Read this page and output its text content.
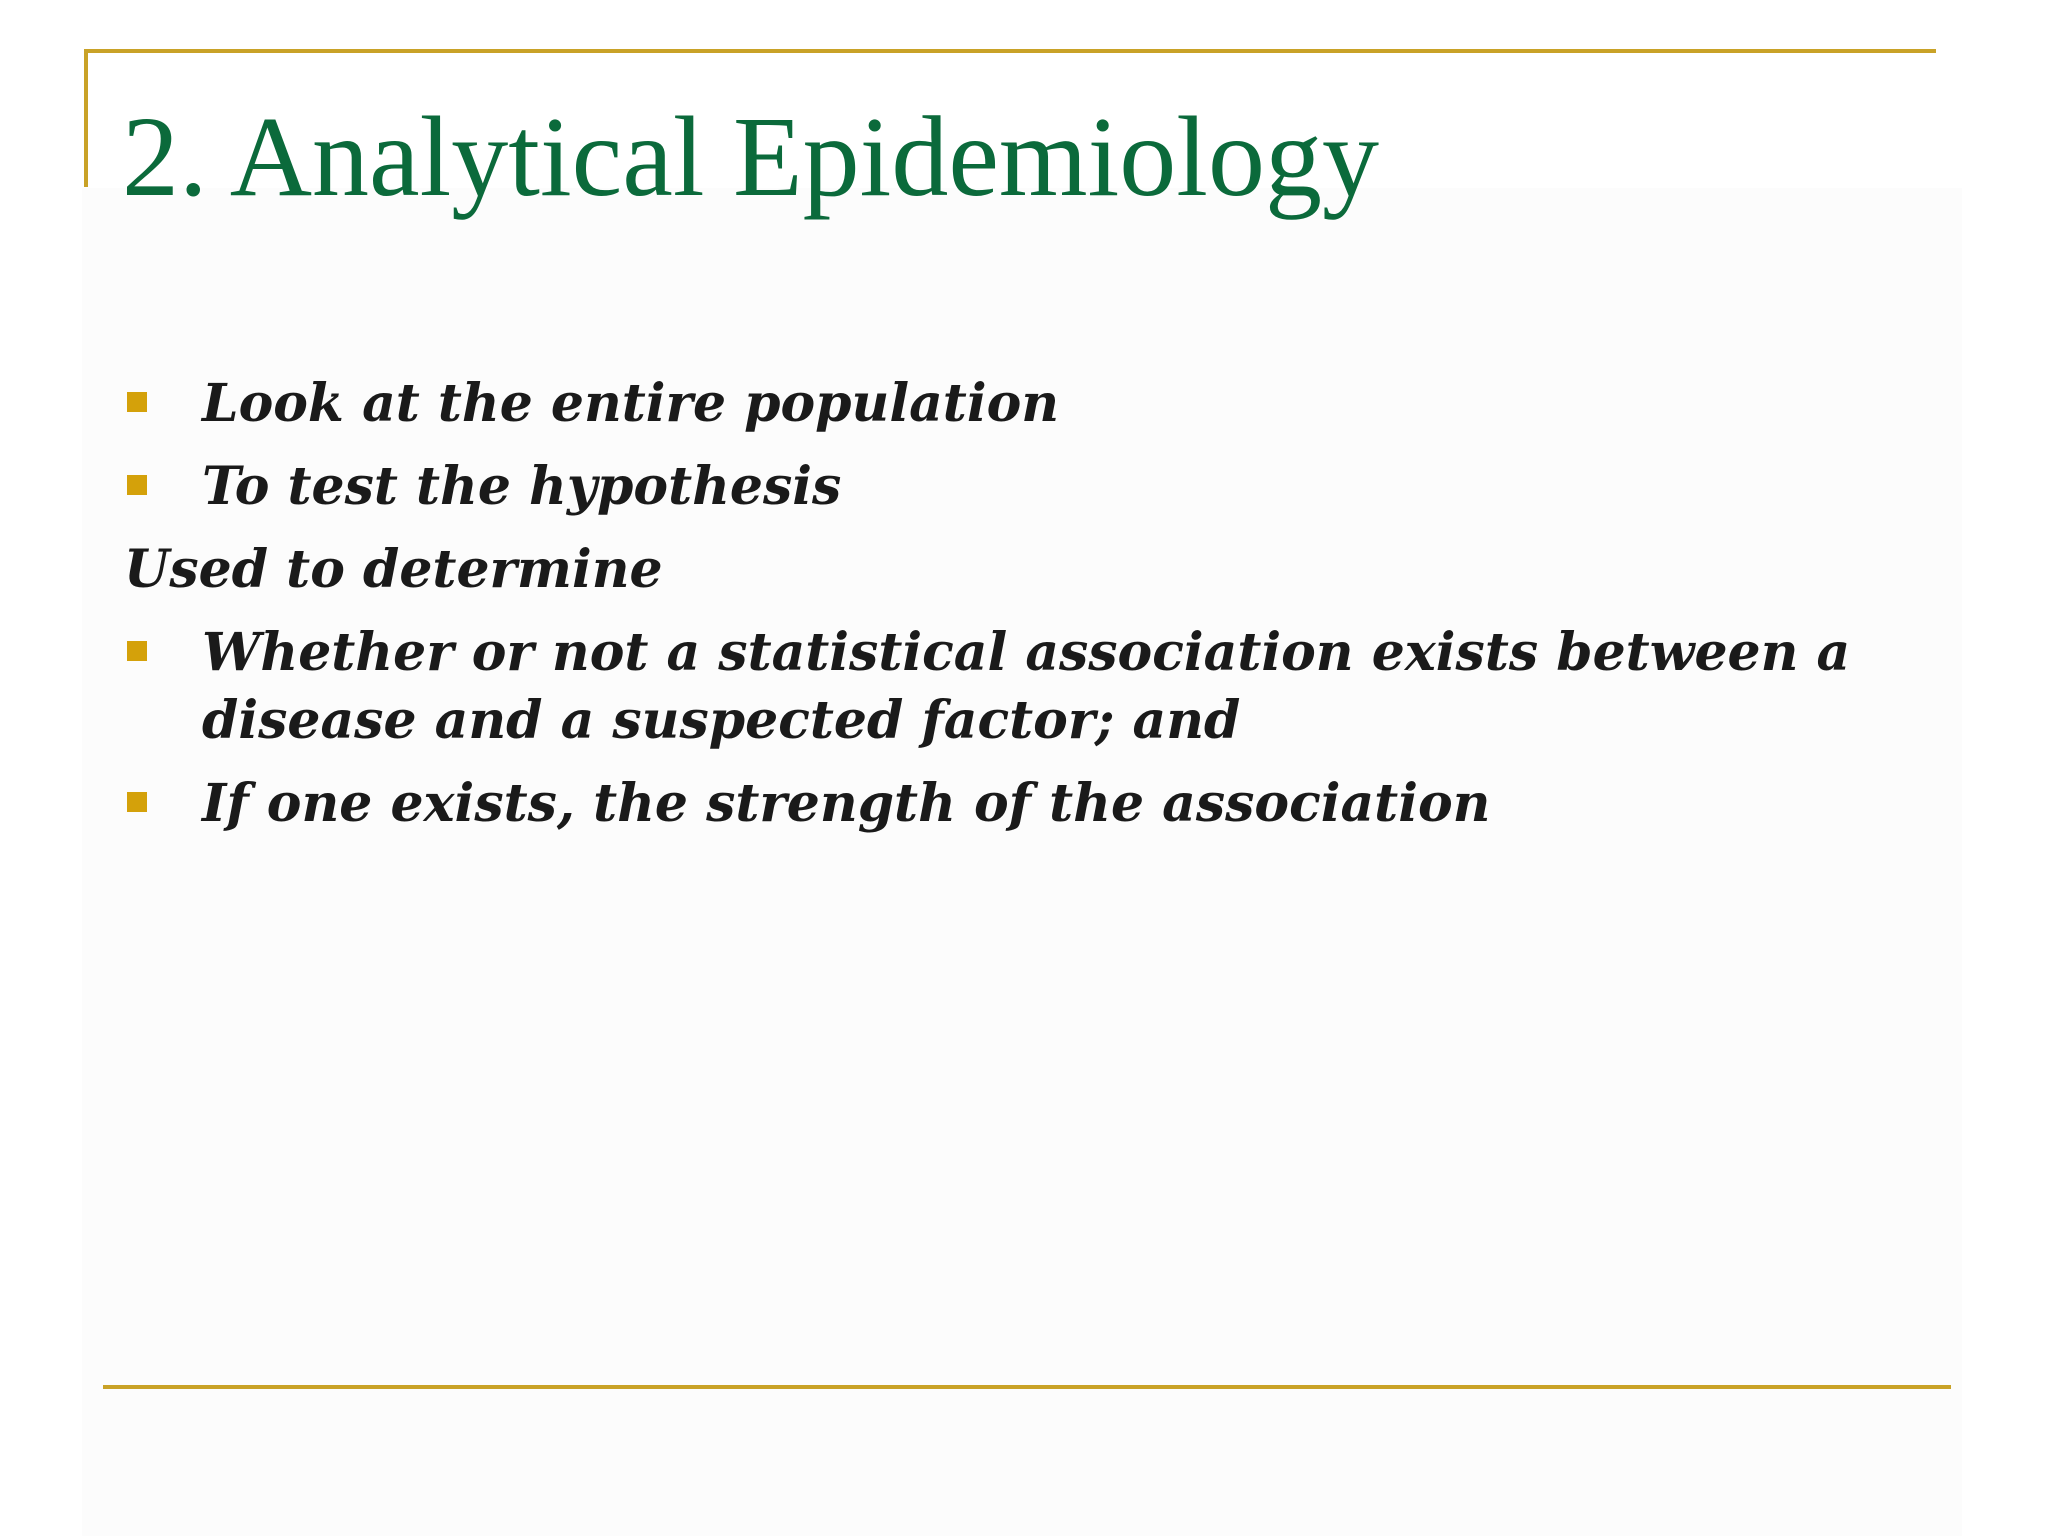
2. Analytical Epidemiology
Look at the entire population
To test the hypothesis
Used to determine
Whether or not a statistical association exists between a disease and a suspected factor; and
If one exists, the strength of the association
